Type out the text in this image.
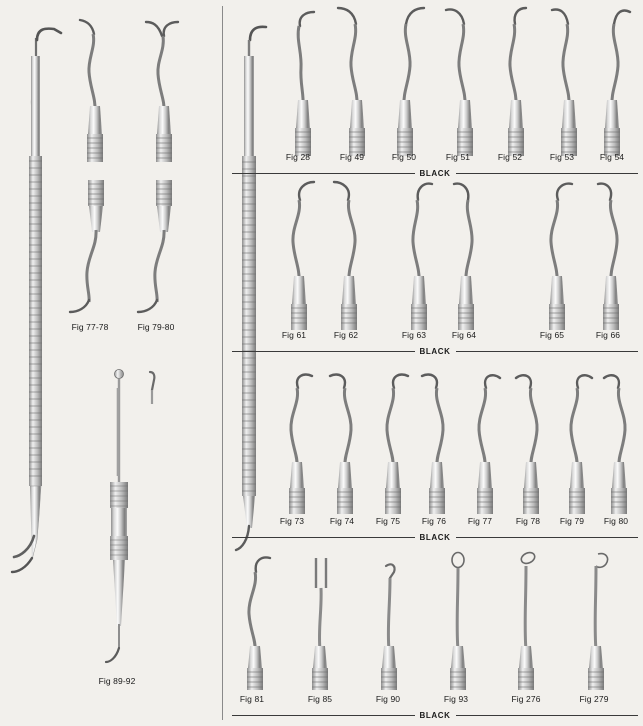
Fig 77-78	Fig 79-80
Fig 89-92
Fig 28	Fig 49	Fig 50	Fig 51	Fig 52	Fig 53	Fig 54
BLACK
Fig 61	Fig 62	Fig 63	Fig 64	Fig 65	Fig 66
BLACK
Fig 73	Fig 74	Fig 75	Fig 76	Fig 77	Fig 78	Fig 79	Fig 80
BLACK
Fig 81	Fig 85	Fig 90	Fig 93	Fig 276	Fig 279
BLACK
